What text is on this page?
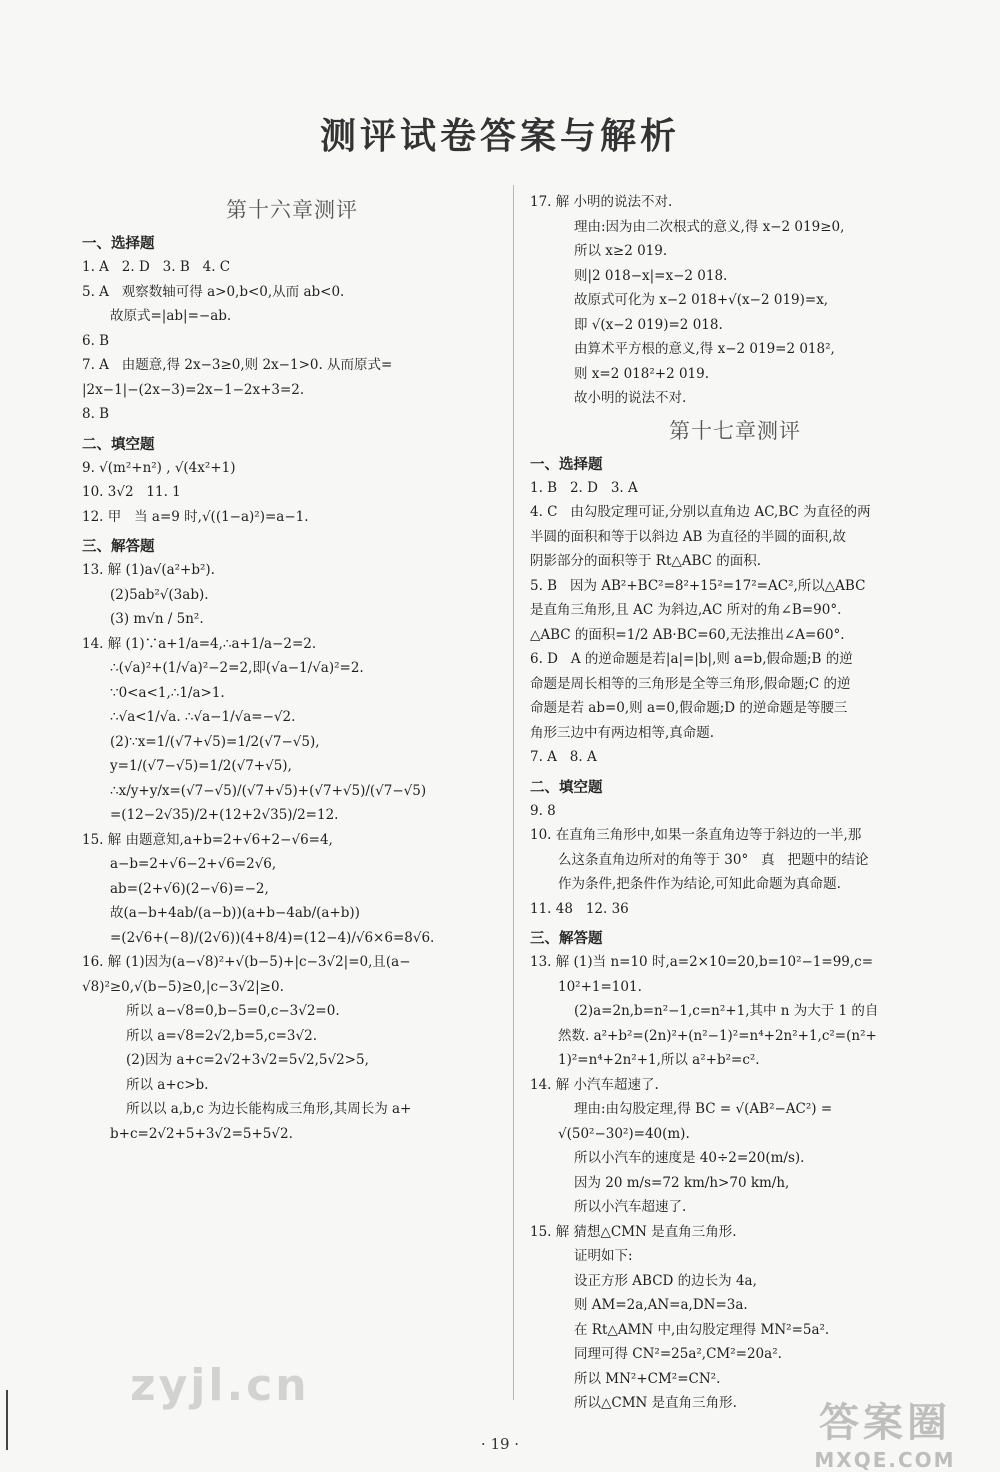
测评试卷答案与解析
第十六章测评
一、选择题
1. A   2. D   3. B   4. C
5. A   观察数轴可得 a>0,b<0,从而 ab<0.
故原式=|ab|=−ab.
6. B
7. A   由题意,得 2x−3≥0,则 2x−1>0. 从而原式=
|2x−1|−(2x−3)=2x−1−2x+3=2.
8. B
二、填空题
9. √(m²+n²) , √(4x²+1)
10. 3√2   11. 1
12. 甲   当 a=9 时,√((1−a)²)=a−1.
三、解答题
13. 解 (1)a√(a²+b²).
(2)5ab²√(3ab).
(3) m√n / 5n².
14. 解 (1)∵a+1/a=4,∴a+1/a−2=2.
∴(√a)²+(1/√a)²−2=2,即(√a−1/√a)²=2.
∵0<a<1,∴1/a>1.
∴√a<1/√a. ∴√a−1/√a=−√2.
(2)∵x=1/(√7+√5)=1/2(√7−√5),
y=1/(√7−√5)=1/2(√7+√5),
∴x/y+y/x=(√7−√5)/(√7+√5)+(√7+√5)/(√7−√5)
=(12−2√35)/2+(12+2√35)/2=12.
15. 解 由题意知,a+b=2+√6+2−√6=4,
a−b=2+√6−2+√6=2√6,
ab=(2+√6)(2−√6)=−2,
故(a−b+4ab/(a−b))(a+b−4ab/(a+b))
=(2√6+(−8)/(2√6))(4+8/4)=(12−4)/√6×6=8√6.
16. 解 (1)因为(a−√8)²+√(b−5)+|c−3√2|=0,且(a−
√8)²≥0,√(b−5)≥0,|c−3√2|≥0.
所以 a−√8=0,b−5=0,c−3√2=0.
所以 a=√8=2√2,b=5,c=3√2.
(2)因为 a+c=2√2+3√2=5√2,5√2>5,
所以 a+c>b.
所以以 a,b,c 为边长能构成三角形,其周长为 a+
b+c=2√2+5+3√2=5+5√2.
17. 解 小明的说法不对.
理由:因为由二次根式的意义,得 x−2 019≥0,
所以 x≥2 019.
则|2 018−x|=x−2 018.
故原式可化为 x−2 018+√(x−2 019)=x,
即 √(x−2 019)=2 018.
由算术平方根的意义,得 x−2 019=2 018²,
则 x=2 018²+2 019.
故小明的说法不对.
第十七章测评
一、选择题
1. B   2. D   3. A
4. C   由勾股定理可证,分别以直角边 AC,BC 为直径的两
半圆的面积和等于以斜边 AB 为直径的半圆的面积,故
阴影部分的面积等于 Rt△ABC 的面积.
5. B   因为 AB²+BC²=8²+15²=17²=AC²,所以△ABC
是直角三角形,且 AC 为斜边,AC 所对的角∠B=90°.
△ABC 的面积=1/2 AB·BC=60,无法推出∠A=60°.
6. D   A 的逆命题是若|a|=|b|,则 a=b,假命题;B 的逆
命题是周长相等的三角形是全等三角形,假命题;C 的逆
命题是若 ab=0,则 a=0,假命题;D 的逆命题是等腰三
角形三边中有两边相等,真命题.
7. A   8. A
二、填空题
9. 8
10. 在直角三角形中,如果一条直角边等于斜边的一半,那
么这条直角边所对的角等于 30°   真   把题中的结论
作为条件,把条件作为结论,可知此命题为真命题.
11. 48   12. 36
三、解答题
13. 解 (1)当 n=10 时,a=2×10=20,b=10²−1=99,c=
10²+1=101.
(2)a=2n,b=n²−1,c=n²+1,其中 n 为大于 1 的自
然数. a²+b²=(2n)²+(n²−1)²=n⁴+2n²+1,c²=(n²+
1)²=n⁴+2n²+1,所以 a²+b²=c².
14. 解 小汽车超速了.
理由:由勾股定理,得 BC = √(AB²−AC²) =
√(50²−30²)=40(m).
所以小汽车的速度是 40÷2=20(m/s).
因为 20 m/s=72 km/h>70 km/h,
所以小汽车超速了.
15. 解 猜想△CMN 是直角三角形.
证明如下:
设正方形 ABCD 的边长为 4a,
则 AM=2a,AN=a,DN=3a.
在 Rt△AMN 中,由勾股定理得 MN²=5a².
同理可得 CN²=25a²,CM²=20a².
所以 MN²+CM²=CN².
所以△CMN 是直角三角形.
· 19 ·
zyjl.cn
答案圈
MXQE.COM
